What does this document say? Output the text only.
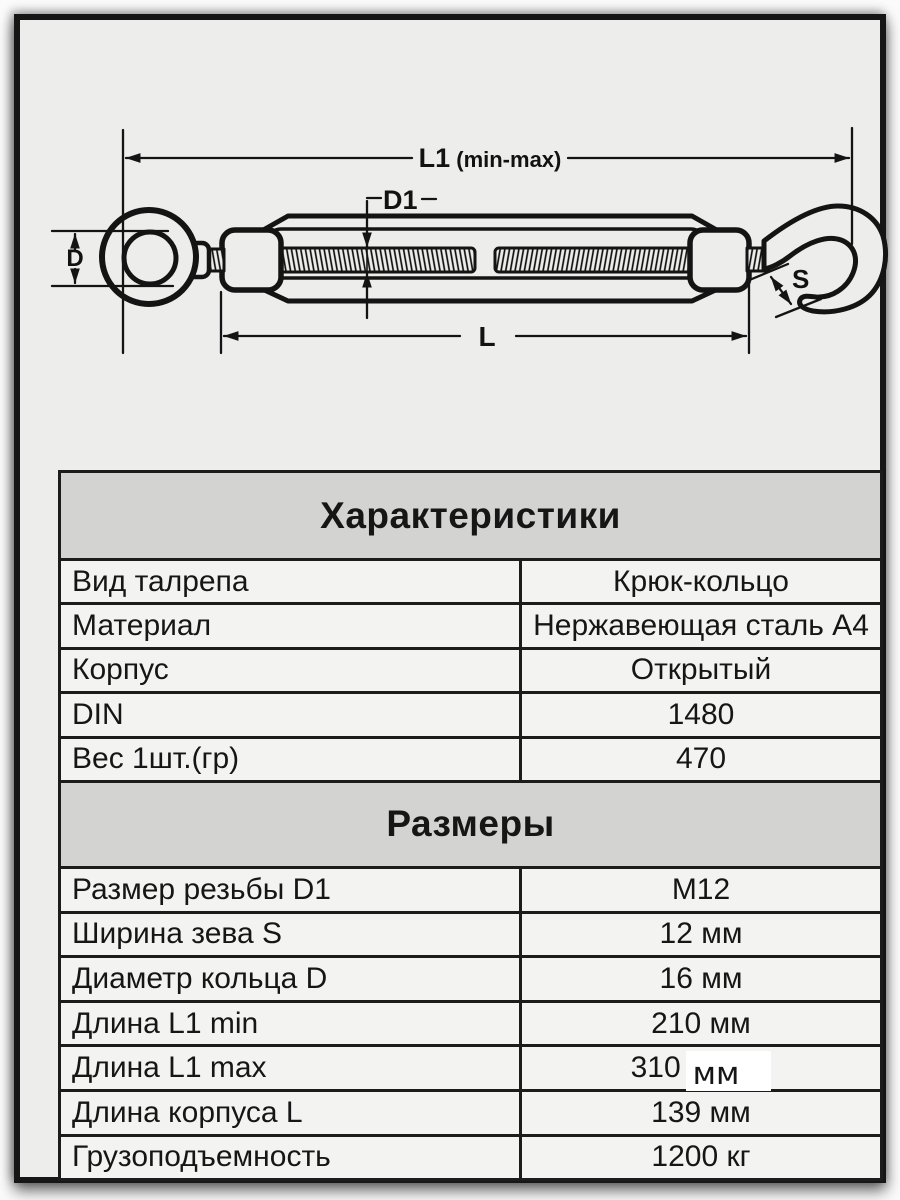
L1 (min-max)
D1
D
L
S
Характеристики
Вид талрепа	Крюк-кольцо
Материал	Нержавеющая сталь А4
Корпус	Открытый
DIN	1480
Вес 1шт.(гр)	470
Размеры
Размер резьбы D1	М12
Ширина зева S	12 мм
Диаметр кольца D	16 мм
Длина L1 min	210 мм
Длина L1 max	310 мм
Длина корпуса L	139 мм
Грузоподъемность	1200 кг
